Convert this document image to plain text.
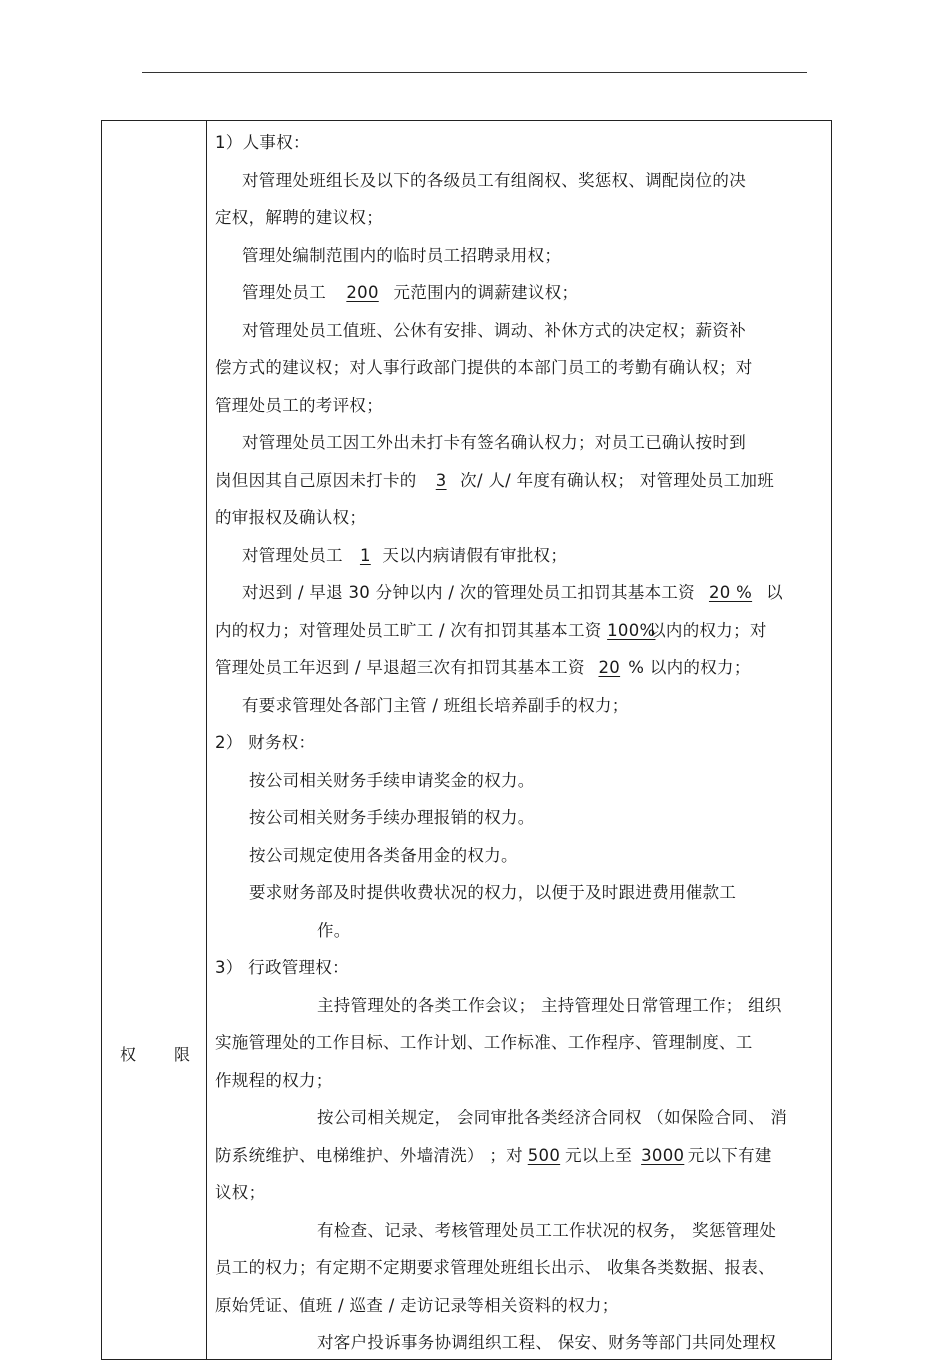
权 限
1）人事权：
对管理处班组长及以下的各级员工有组阁权、奖惩权、调配岗位的决
定权，解聘的建议权；
管理处编制范围内的临时员工招聘录用权；
管理处员工 200 元范围内的调薪建议权；
对管理处员工值班、公休有安排、调动、补休方式的决定权；薪资补
偿方式的建议权；对人事行政部门提供的本部门员工的考勤有确认权；对
管理处员工的考评权；
对管理处员工因工外出未打卡有签名确认权力；对员工已确认按时到
岗但因其自己原因未打卡的 3 次/ 人/ 年度有确认权； 对管理处员工加班
的审报权及确认权；
对管理处员工 1 天以内病请假有审批权；
对迟到 / 早退 30 分钟以内 / 次的管理处员工扣罚其基本工资 20 % 以
内的权力；对管理处员工旷工 / 次有扣罚其基本工资 100%以内的权力；对
管理处员工年迟到 / 早退超三次有扣罚其基本工资 20 % 以内的权力；
有要求管理处各部门主管 / 班组长培养副手的权力；
2） 财务权：
按公司相关财务手续申请奖金的权力。
按公司相关财务手续办理报销的权力。
按公司规定使用各类备用金的权力。
要求财务部及时提供收费状况的权力，以便于及时跟进费用催款工
作。
3） 行政管理权：
主持管理处的各类工作会议； 主持管理处日常管理工作； 组织
实施管理处的工作目标、工作计划、工作标准、工作程序、管理制度、工
作规程的权力；
按公司相关规定， 会同审批各类经济合同权 （如保险合同、 消
防系统维护、电梯维护、外墙清洗） ；对 500 元以上至 3000 元以下有建
议权；
有检查、记录、考核管理处员工工作状况的权务， 奖惩管理处
员工的权力；有定期不定期要求管理处班组长出示、 收集各类数据、报表、
原始凭证、值班 / 巡查 / 走访记录等相关资料的权力；
对客户投诉事务协调组织工程、 保安、财务等部门共同处理权
